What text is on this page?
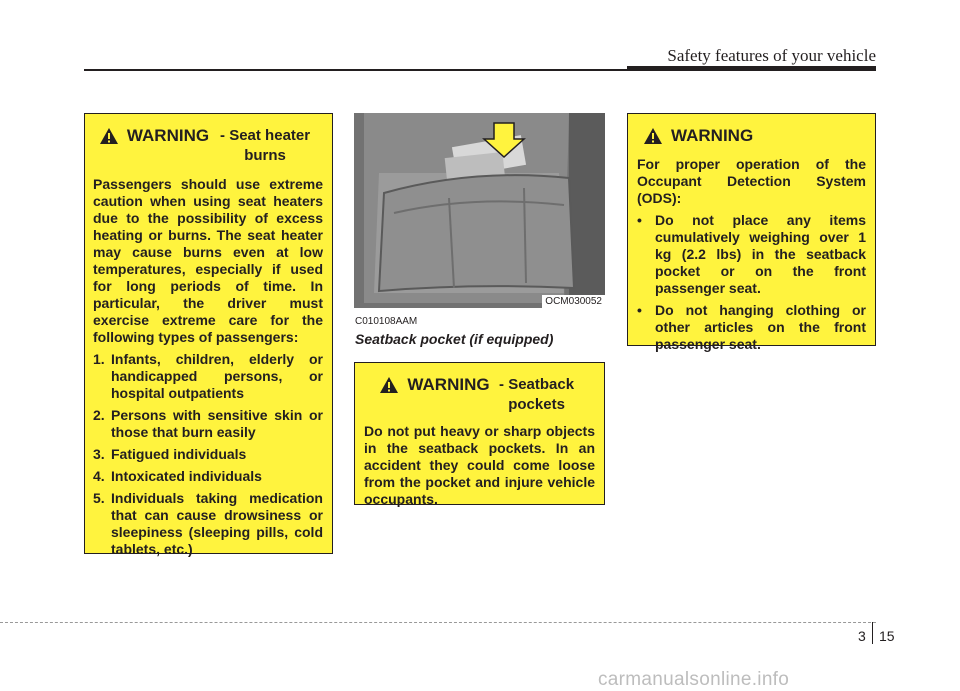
Safety features of your vehicle
WARNING - Seat heater burns

Passengers should use extreme caution when using seat heaters due to the possibility of excess heating or burns. The seat heater may cause burns even at low temperatures, especially if used for long periods of time. In particular, the driver must exercise extreme care for the following types of passengers:

1. Infants, children, elderly or handicapped persons, or hospital outpatients
2. Persons with sensitive skin or those that burn easily
3. Fatigued individuals
4. Intoxicated individuals
5. Individuals taking medication that can cause drowsiness or sleepiness (sleeping pills, cold tablets, etc.)
OCM030052
C010108AAM
Seatback pocket (if equipped)
WARNING - Seatback pockets

Do not put heavy or sharp objects in the seatback pockets. In an accident they could come loose from the pocket and injure vehicle occupants.

WARNING

For proper operation of the Occupant Detection System (ODS):

• Do not place any items cumulatively weighing over 1 kg (2.2 lbs) in the seatback pocket or on the front passenger seat.
• Do not hanging clothing or other articles on the front passenger seat.
3 15
carmanualsonline.info
